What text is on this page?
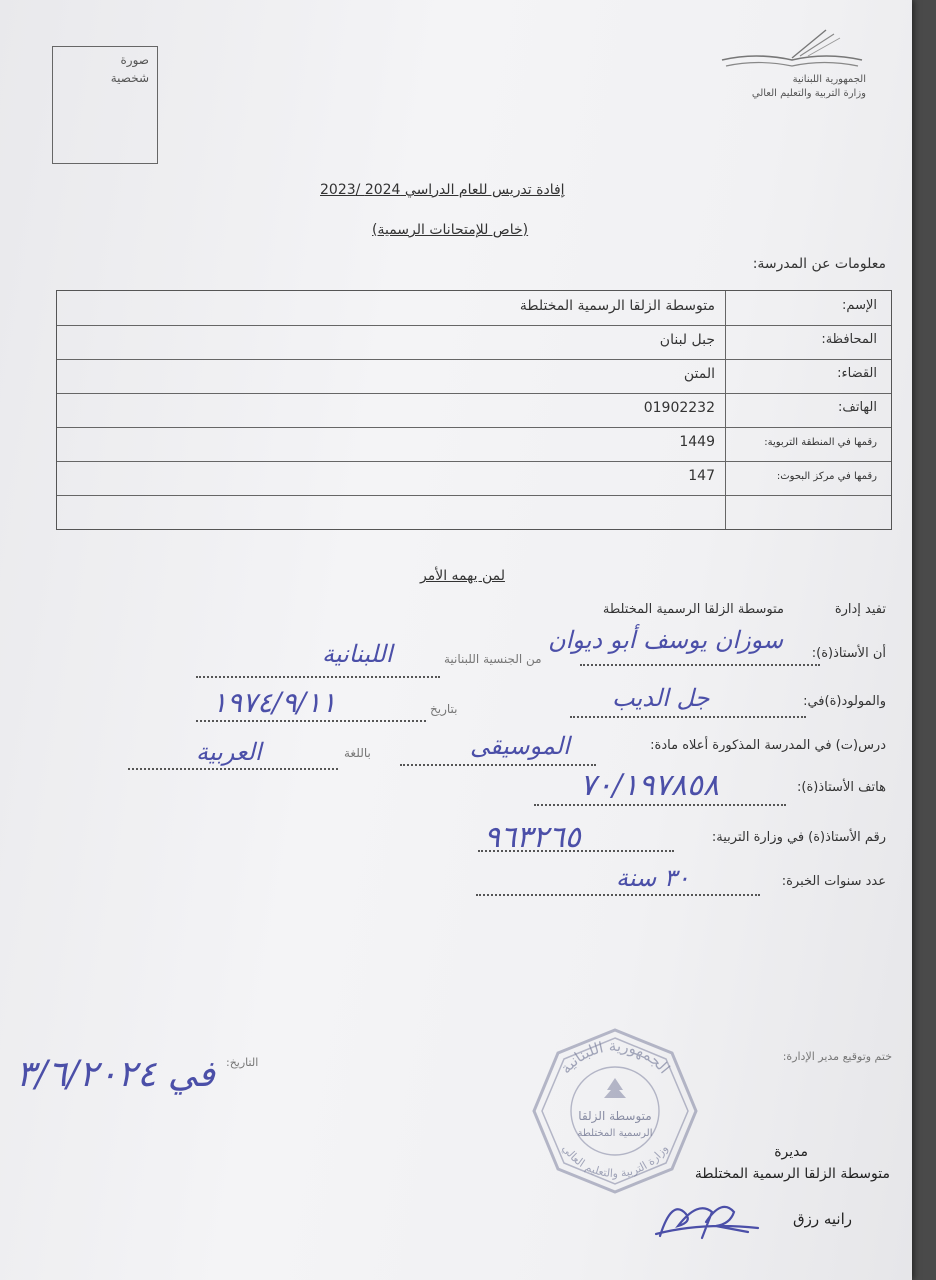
صورة
شخصية	الجمهورية اللبنانية
وزارة التربية والتعليم العالي
إفادة تدريس للعام الدراسي 2024 /2023
(خاص للإمتحانات الرسمية)
معلومات عن المدرسة:
الإسم:
متوسطة الزلقا الرسمية المختلطة
المحافظة:
جبل لبنان
القضاء:
المتن
الهاتف:
01902232
رقمها في المنطقة التربوية:
1449
رقمها في مركز البحوث:
147
لمن يهمه الأمر
تفيد إدارة
متوسطة الزلقا الرسمية المختلطة
أن الأستاذ(ة):
سوزان يوسف أبو ديوان
من الجنسية اللبنانية
اللبنانية
والمولود(ة)في:
جل الديب
بتاريخ
١٩٧٤/٩/١١
درس(ت) في المدرسة المذكورة أعلاه مادة:
الموسيقى
باللغة
العربية
هاتف الأستاذ(ة):
٧٠/١٩٧٨٥٨
رقم الأستاذ(ة) في وزارة التربية:
٩٦٣٢٦٥
عدد سنوات الخبرة:
٣٠ سنة
ختم وتوقيع مدير الإدارة:
التاريخ:
في ٣/٦/٢٠٢٤	الجمهورية اللبنانية
وزارة التربية والتعليم العالي
متوسطة الزلقا
الرسمية المختلطة
مديرة
متوسطة الزلقا الرسمية المختلطة
رانيه رزق
